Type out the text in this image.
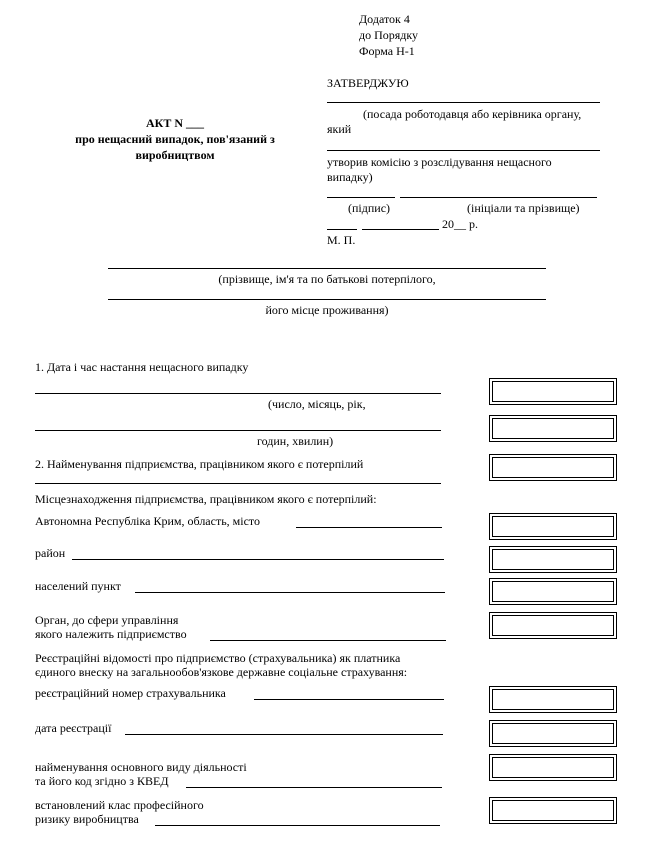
Додаток 4
до Порядку
Форма Н-1
ЗАТВЕРДЖУЮ
(посада роботодавця або керівника органу,
який
утворив комісію з розслідування нещасного
випадку)
(підпис)	(ініціали та прізвище)
20__ р.
М. П.
АКТ N ___
про нещасний випадок, пов'язаний з
виробництвом
(прізвище, ім'я та по батькові потерпілого,
його місце проживання)
1. Дата і час настання нещасного випадку
(число, місяць, рік,
годин, хвилин)
2. Найменування підприємства, працівником якого є потерпілий
Місцезнаходження підприємства, працівником якого є потерпілий:
Автономна Республіка Крим, область, місто
район
населений пункт
Орган, до сфери управління
якого належить підприємство
Реєстраційні відомості про підприємство (страхувальника) як платника
єдиного внеску на загальнообов'язкове державне соціальне страхування:
реєстраційний номер страхувальника
дата реєстрації
найменування основного виду діяльності
та його код згідно з КВЕД
встановлений клас професійного
ризику виробництва
